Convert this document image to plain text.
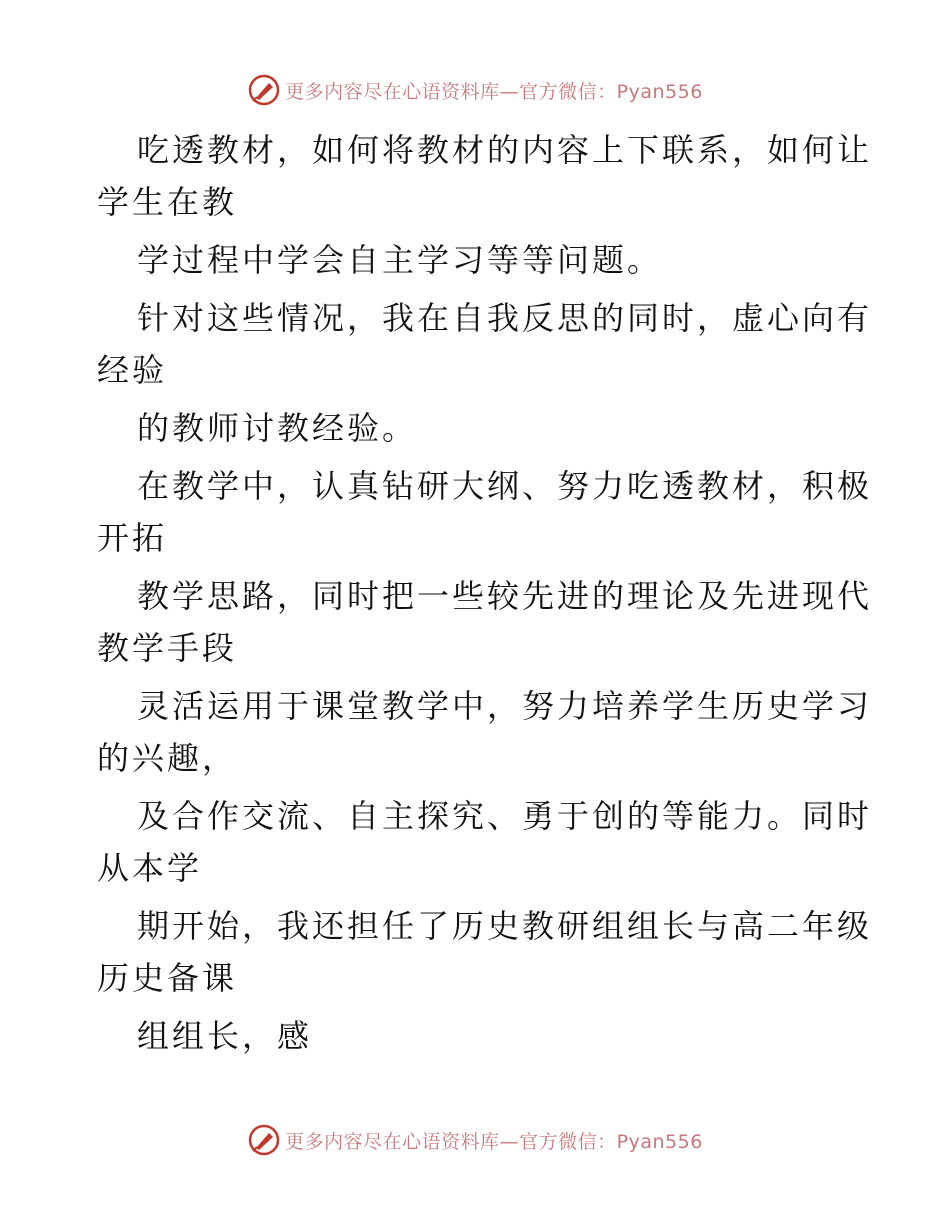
更多内容尽在心语资料库—官方微信：Pyan556

吃透教材，如何将教材的内容上下联系，如何让
学生在教

学过程中学会自主学习等等问题。

针对这些情况，我在自我反思的同时，虚心向有
经验

的教师讨教经验。

在教学中，认真钻研大纲、努力吃透教材，积极
开拓

教学思路，同时把一些较先进的理论及先进现代
教学手段

灵活运用于课堂教学中，努力培养学生历史学习
的兴趣，

及合作交流、自主探究、勇于创的等能力。同时
从本学

期开始，我还担任了历史教研组组长与高二年级
历史备课

组组长，感

更多内容尽在心语资料库—官方微信：Pyan556
